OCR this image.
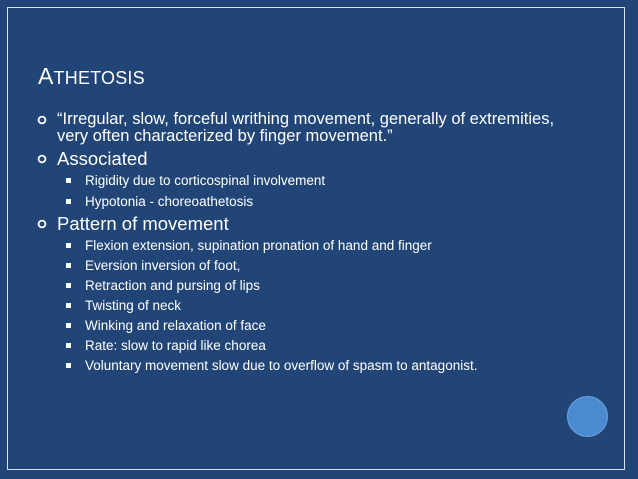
ATHETOSIS
“Irregular, slow, forceful writhing movement, generally of extremities, very often characterized by finger movement.”
Associated
Rigidity due to corticospinal involvement
Hypotonia - choreoathetosis
Pattern of movement
Flexion extension, supination pronation of hand and finger
Eversion inversion of foot,
Retraction and pursing of lips
Twisting of neck
Winking and relaxation of face
Rate: slow to rapid like chorea
Voluntary movement slow due to overflow of spasm to antagonist.
